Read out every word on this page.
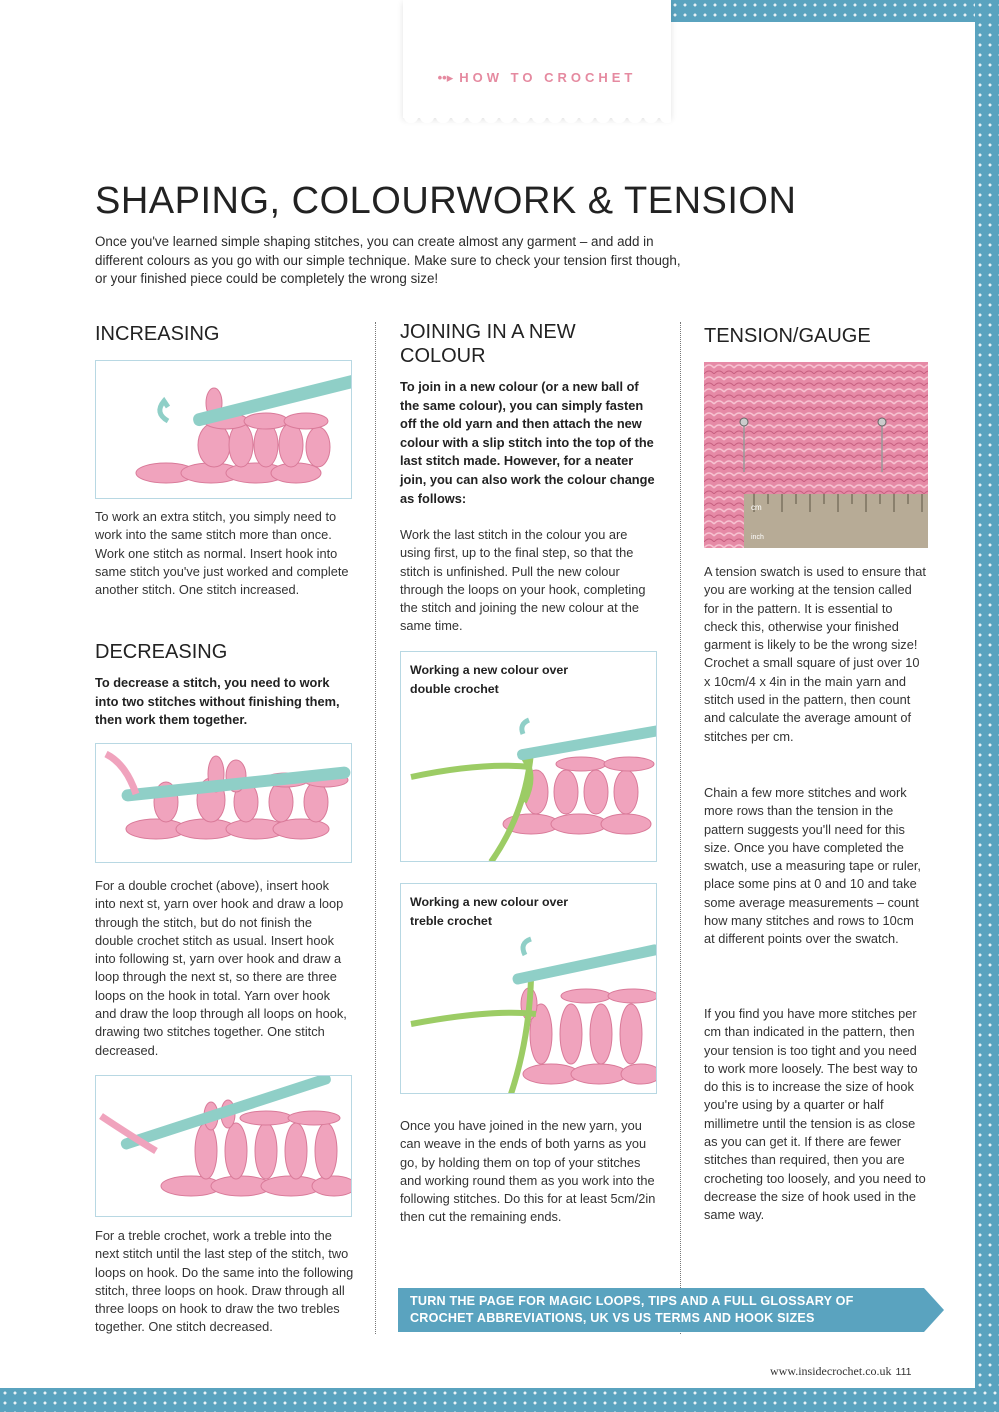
••▸ HOW TO CROCHET
SHAPING, COLOURWORK & TENSION

Once you've learned simple shaping stitches, you can create almost any garment – and add in different colours as you go with our simple technique. Make sure to check your tension first though, or your finished piece could be completely the wrong size!

INCREASING

To work an extra stitch, you simply need to work into the same stitch more than once. Work one stitch as normal. Insert hook into same stitch you've just worked and complete another stitch. One stitch increased.

DECREASING

To decrease a stitch, you need to work into two stitches without finishing them, then work them together.

For a double crochet (above), insert hook into next st, yarn over hook and draw a loop through the stitch, but do not finish the double crochet stitch as usual. Insert hook into following st, yarn over hook and draw a loop through the next st, so there are three loops on the hook in total. Yarn over hook and draw the loop through all loops on hook, drawing two stitches together. One stitch decreased.

For a treble crochet, work a treble into the next stitch until the last step of the stitch, two loops on hook. Do the same into the following stitch, three loops on hook. Draw through all three loops on hook to draw the two trebles together. One stitch decreased.

JOINING IN A NEW COLOUR

To join in a new colour (or a new ball of the same colour), you can simply fasten off the old yarn and then attach the new colour with a slip stitch into the top of the last stitch made. However, for a neater join, you can also work the colour change as follows:

Work the last stitch in the colour you are using first, up to the final step, so that the stitch is unfinished. Pull the new colour through the loops on your hook, completing the stitch and joining the new colour at the same time.

Working a new colour over double crochet
Working a new colour over treble crochet

Once you have joined in the new yarn, you can weave in the ends of both yarns as you go, by holding them on top of your stitches and working round them as you work into the following stitches. Do this for at least 5cm/2in then cut the remaining ends.

TENSION/GAUGE
cm
inch

A tension swatch is used to ensure that you are working at the tension called for in the pattern. It is essential to check this, otherwise your finished garment is likely to be the wrong size! Crochet a small square of just over 10 x 10cm/4 x 4in in the main yarn and stitch used in the pattern, then count and calculate the average amount of stitches per cm.

Chain a few more stitches and work more rows than the tension in the pattern suggests you'll need for this size. Once you have completed the swatch, use a measuring tape or ruler, place some pins at 0 and 10 and take some average measurements – count how many stitches and rows to 10cm at different points over the swatch.

If you find you have more stitches per cm than indicated in the pattern, then your tension is too tight and you need to work more loosely. The best way to do this is to increase the size of hook you're using by a quarter or half millimetre until the tension is as close as you can get it. If there are fewer stitches than required, then you are crocheting too loosely, and you need to decrease the size of hook used in the same way.

TURN THE PAGE FOR MAGIC LOOPS, TIPS AND A FULL GLOSSARY OF CROCHET ABBREVIATIONS, UK VS US TERMS AND HOOK SIZES
www.insidecrochet.co.uk 111
